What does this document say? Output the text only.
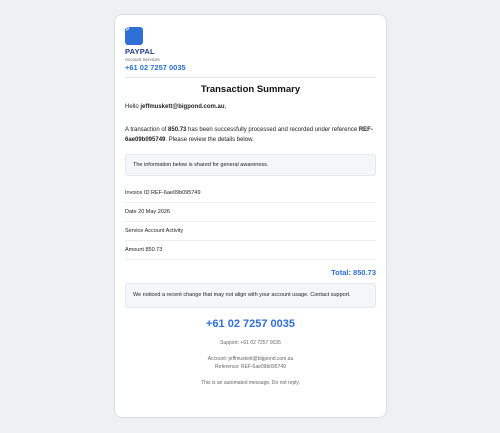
P
PAYPAL
Account Services
+61 02 7257 0035
Transaction Summary
Hello jeffmuskett@bigpond.com.au,
A transaction of 850.73 has been successfully processed and recorded under reference REF-6ae09b095749. Please review the details below.
The information below is shared for general awareness.
Invoice ID REF-6ae09b095749
Date 20 May 2026
Service Account Activity
Amount 850.73
Total: 850.73
We noticed a recent change that may not align with your account usage. Contact support.
+61 02 7257 0035
Support: +61 02 7257 0035
Account: jeffmuskett@bigpond.com.au
Reference: REF-6ae09b095749
This is an automated message. Do not reply.
